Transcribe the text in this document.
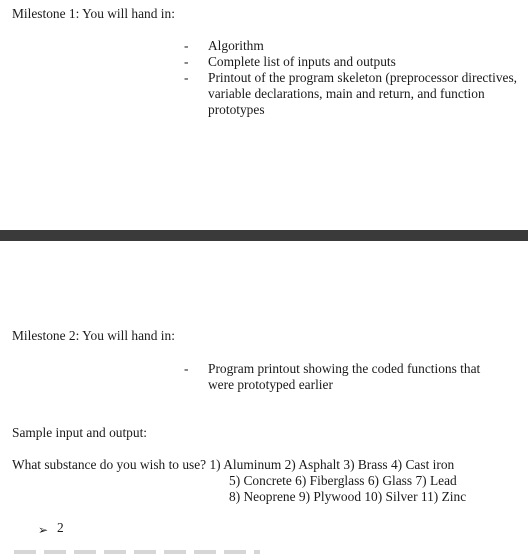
Milestone 1: You will hand in:
- Algorithm
- Complete list of inputs and outputs
- Printout of the program skeleton (preprocessor directives, variable declarations, main and return, and function prototypes
Milestone 2: You will hand in:
- Program printout showing the coded functions that were prototyped earlier
Sample input and output:
What substance do you wish to use? 1) Aluminum 2) Asphalt 3) Brass 4) Cast iron
5) Concrete 6) Fiberglass 6) Glass 7) Lead
8) Neoprene 9) Plywood 10) Silver 11) Zinc
➢ 2
